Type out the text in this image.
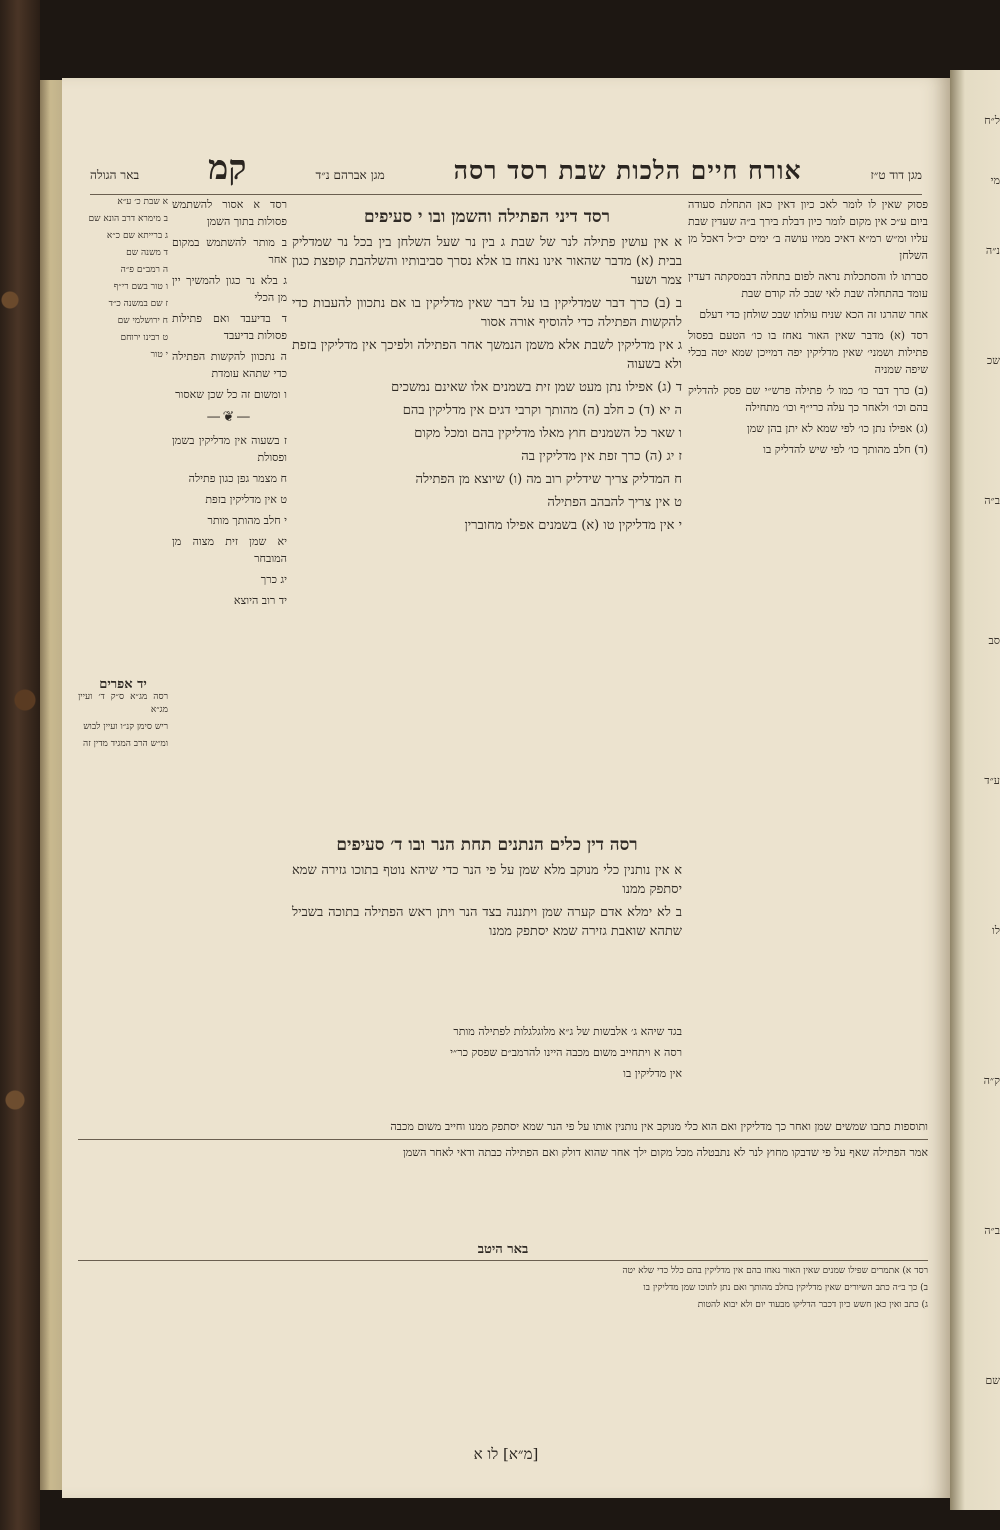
מגן דוד ט״ז
אורח חיים הלכות שבת רסד רסה
מגן אברהם נ״ד
קמ
באר הגולה

פסוק שאין לו לומר לאכ כיון דאין כאן התחלת סעודה ביום ע״כ אין מקום לומר כיון דבלת בירך ב״ה שעדין שבת עליו ומ״ש רמ״א דאיכ ממיו עושה ב׳ ימים יכ״ל דאכל מן השלחן

סברתו לו והסתכלות נראה לפום בתחלה דבמסקתה דעדין עומד בהתחלה שבת לאי שבכ לה קודם שבת

אחר שהרגו זה הכא שניח עולתו שבכ שולחן כדי דעלם

רסד (א) מדבר שאין האור נאחז בו כו׳ הטעם בפסול פתילות ושמני׳ שאין מדליקין יפה דמייכן שמא יטה בכלי שיפה שמניה

(ב) כרך דבר כו׳ כמו ל׳ פתילה פרש״י שם פסק להדליק בהם וכו׳ ולאחר כך עלה כרי״ף וכו׳ מתחילה

(ג) אפילו נתן כו׳ לפי שמא לא יתן בהן שמן

(ד) חלב מהותך כו׳ לפי שיש להדליק בו

רסד דיני הפתילה והשמן ובו י סעיפים

א אין עושין פתילה לנר של שבת ג בין נר שעל השלחן בין בכל נר שמדליק בבית (א) מדבר שהאור אינו נאחז בו אלא נסרך סביבותיו והשלהבת קופצת כגון צמר ושער

ב (ב) כרך דבר שמדליקין בו על דבר שאין מדליקין בו אם נתכוון להעבות כדי להקשות הפתילה כדי להוסיף אורה אסור

ג אין מדליקין לשבת אלא משמן הנמשך אחר הפתילה ולפיכך אין מדליקין בזפת ולא בשעוה

ד (ג) אפילו נתן מעט שמן זית בשמנים אלו שאינם נמשכים

ה יא (ד) כ חלב (ה) מהותך וקרבי דגים אין מדליקין בהם

ו שאר כל השמנים חוץ מאלו מדליקין בהם ומכל מקום

ז יג (ה) כרך זפת אין מדליקין בה

ח המדליק צריך שידליק רוב מה (ו) שיוצא מן הפתילה

ט אין צריך להבהב הפתילה

י אין מדליקין טו (א) בשמנים אפילו מחוברין

רסה דין כלים הנתנים תחת הנר ובו ד׳ סעיפים

א אין נותנין כלי מנוקב מלא שמן על פי הנר כדי שיהא נוטף בתוכו גזירה שמא יסתפק ממנו

ב לא ימלא אדם קערה שמן ויתננה בצד הנר ויתן ראש הפתילה בתוכה בשביל שתהא שואבת גזירה שמא יסתפק ממנו

רסד א אסור להשתמש פסולות בתוך השמן

ב מותר להשתמש במקום אחר

ג בלא נר כגון להמשיך יין מן הכלי

ד בדיעבד ואם פתילות פסולות בדיעבד

ה נתכוון להקשות הפתילה כדי שתהא עומדת

ו ומשום זה כל שכן שאסור

—❦—

ז בשעוה אין מדליקין בשמן ופסולת

ח מצמר גפן כגון פתילה

ט אין מדליקין בזפת

י חלב מהותך מותר

יא שמן זית מצוה מן המובחר

יג כרך

יד רוב היוצא

א שבת כ׳ ע״א

ב מימרא דרב הונא שם

ג ברייתא שם כ״א

ד משנה שם

ה רמב״ם פ״ה

ו טור בשם רי״ף

ז שם במשנה כ״ד

ח ירושלמי שם

ט רבינו ירוחם

י טור

יד אפרים

רסה מג״א ס״ק ד׳ ועיין מג״א

ריש סימן קנ״ו ועיין לבוש

ומ״ש הרב המגיד מדין זה

בגד שיהא ג׳ אלבשות של ג״א מלוגלגלות לפתילה מותר

רסה א ויתחייב משום מכבה היינו להרמב״ם שפסק כר״י

אין מדליקין בו

ותוספות כתבו שמשים שמן ואחר כך מדליקין ואם הוא כלי מנוקב אין נותנין אותו על פי הנר שמא יסתפק ממנו וחייב משום מכבה

אמר הפתילה שאף על פי שדבקו מחוץ לנר לא נתבטלה מכל מקום ילך אחר שהוא דולק ואם הפתילה כבתה ודאי לאחר השמן

באר היטב

רסד א) אתמרים שפילו שמנים שאין האור נאחז בהם אין מדליקין בהם כלל כדי שלא יטה

ב) כך ב״ה כתב השיורים שאין מדליקין בחלב מהותך ואם נתן לתוכו שמן מדליקין בו

ג) כתב ואין כאן חשש כיון דכבר הדליקו מבעוד יום ולא יבוא להטות

[מ״א] לו א
ל״ח
מי
נ״ה
שכ
ב״ה
סב
ע״ד
לו
ק״ה
ב״ה
שם
